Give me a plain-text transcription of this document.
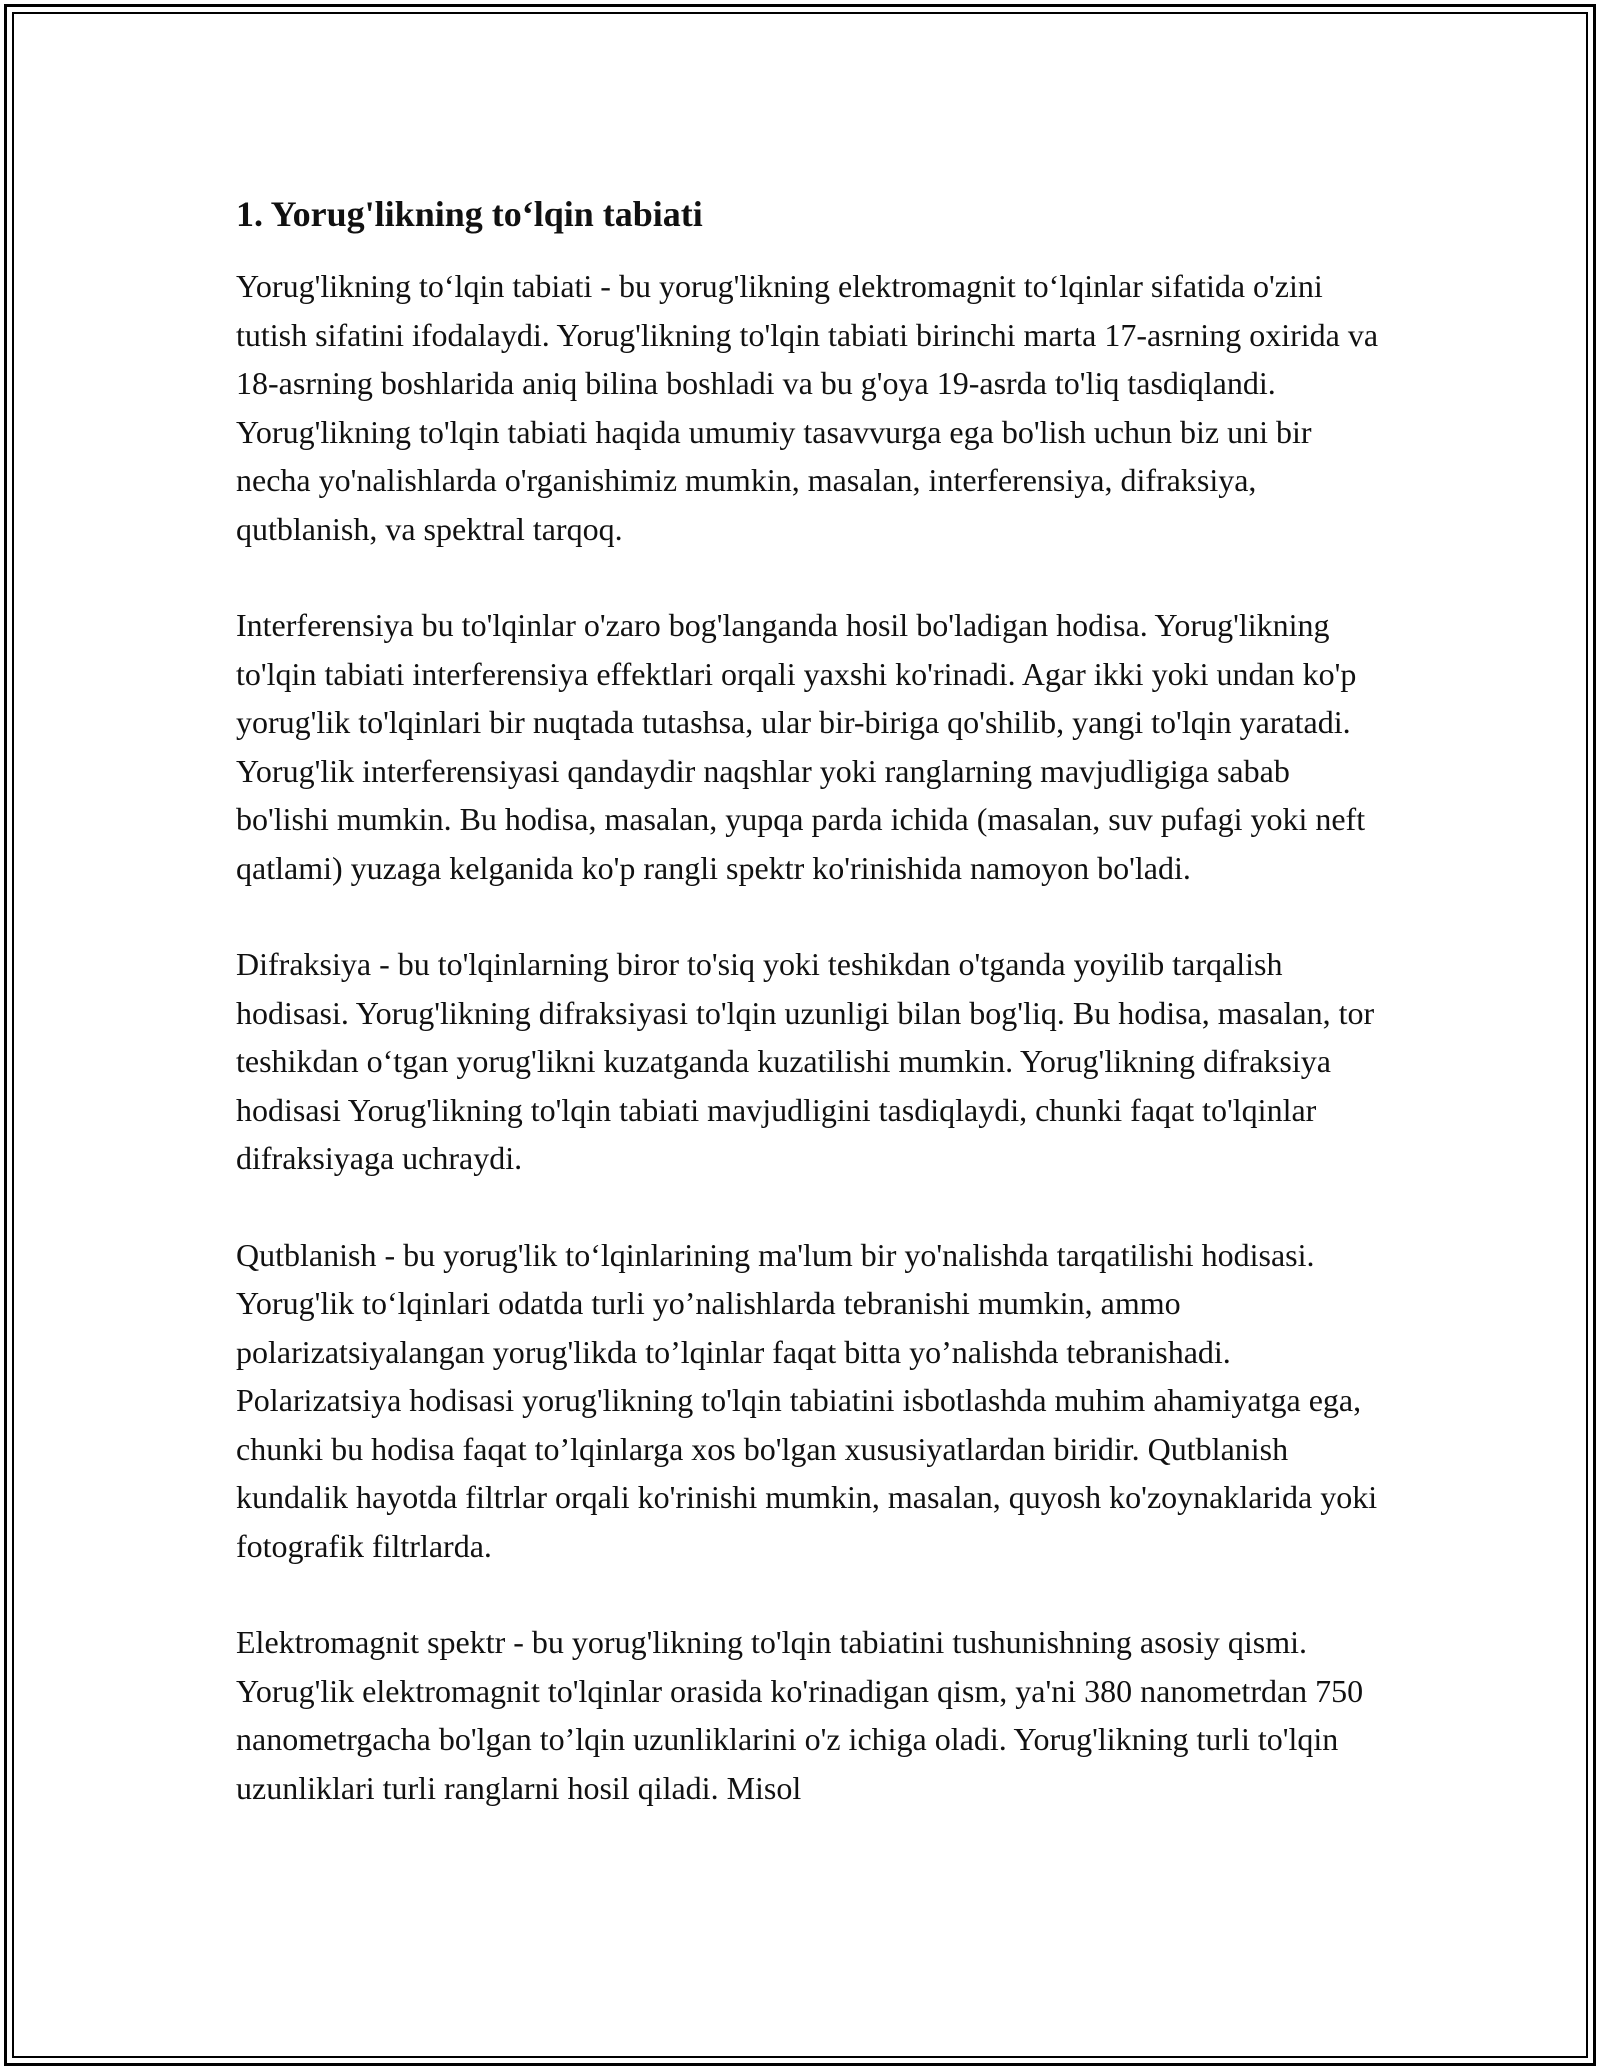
1. Yorug'likning to‘lqin tabiati

Yorug'likning to‘lqin tabiati - bu yorug'likning elektromagnit to‘lqinlar sifatida o'zini tutish sifatini ifodalaydi. Yorug'likning to'lqin tabiati birinchi marta 17-asrning oxirida va 18-asrning boshlarida aniq bilina boshladi va bu g'oya 19-asrda to'liq tasdiqlandi. Yorug'likning to'lqin tabiati haqida umumiy tasavvurga ega bo'lish uchun biz uni bir necha yo'nalishlarda o'rganishimiz mumkin, masalan, interferensiya, difraksiya, qutblanish, va spektral tarqoq.

Interferensiya bu to'lqinlar o'zaro bog'langanda hosil bo'ladigan hodisa. Yorug'likning to'lqin tabiati interferensiya effektlari orqali yaxshi ko'rinadi. Agar ikki yoki undan ko'p yorug'lik to'lqinlari bir nuqtada tutashsa, ular bir-biriga qo'shilib, yangi to'lqin yaratadi. Yorug'lik interferensiyasi qandaydir naqshlar yoki ranglarning mavjudligiga sabab bo'lishi mumkin. Bu hodisa, masalan, yupqa parda ichida (masalan, suv pufagi yoki neft qatlami) yuzaga kelganida ko'p rangli spektr ko'rinishida namoyon bo'ladi.

Difraksiya - bu to'lqinlarning biror to'siq yoki teshikdan o'tganda yoyilib tarqalish hodisasi. Yorug'likning difraksiyasi to'lqin uzunligi bilan bog'liq. Bu hodisa, masalan, tor teshikdan o‘tgan yorug'likni kuzatganda kuzatilishi mumkin. Yorug'likning difraksiya hodisasi Yorug'likning to'lqin tabiati mavjudligini tasdiqlaydi, chunki faqat to'lqinlar difraksiyaga uchraydi.

Qutblanish - bu yorug'lik to‘lqinlarining ma'lum bir yo'nalishda tarqatilishi hodisasi. Yorug'lik to‘lqinlari odatda turli yo’nalishlarda tebranishi mumkin, ammo polarizatsiyalangan yorug'likda to’lqinlar faqat bitta yo’nalishda tebranishadi. Polarizatsiya hodisasi yorug'likning to'lqin tabiatini isbotlashda muhim ahamiyatga ega, chunki bu hodisa faqat to’lqinlarga xos bo'lgan xususiyatlardan biridir. Qutblanish kundalik hayotda filtrlar orqali ko'rinishi mumkin, masalan, quyosh ko'zoynaklarida yoki fotografik filtrlarda.

Elektromagnit spektr - bu yorug'likning to'lqin tabiatini tushunishning asosiy qismi. Yorug'lik elektromagnit to'lqinlar orasida ko'rinadigan qism, ya'ni 380 nanometrdan 750 nanometrgacha bo'lgan to’lqin uzunliklarini o'z ichiga oladi. Yorug'likning turli to'lqin uzunliklari turli ranglarni hosil qiladi. Misol
